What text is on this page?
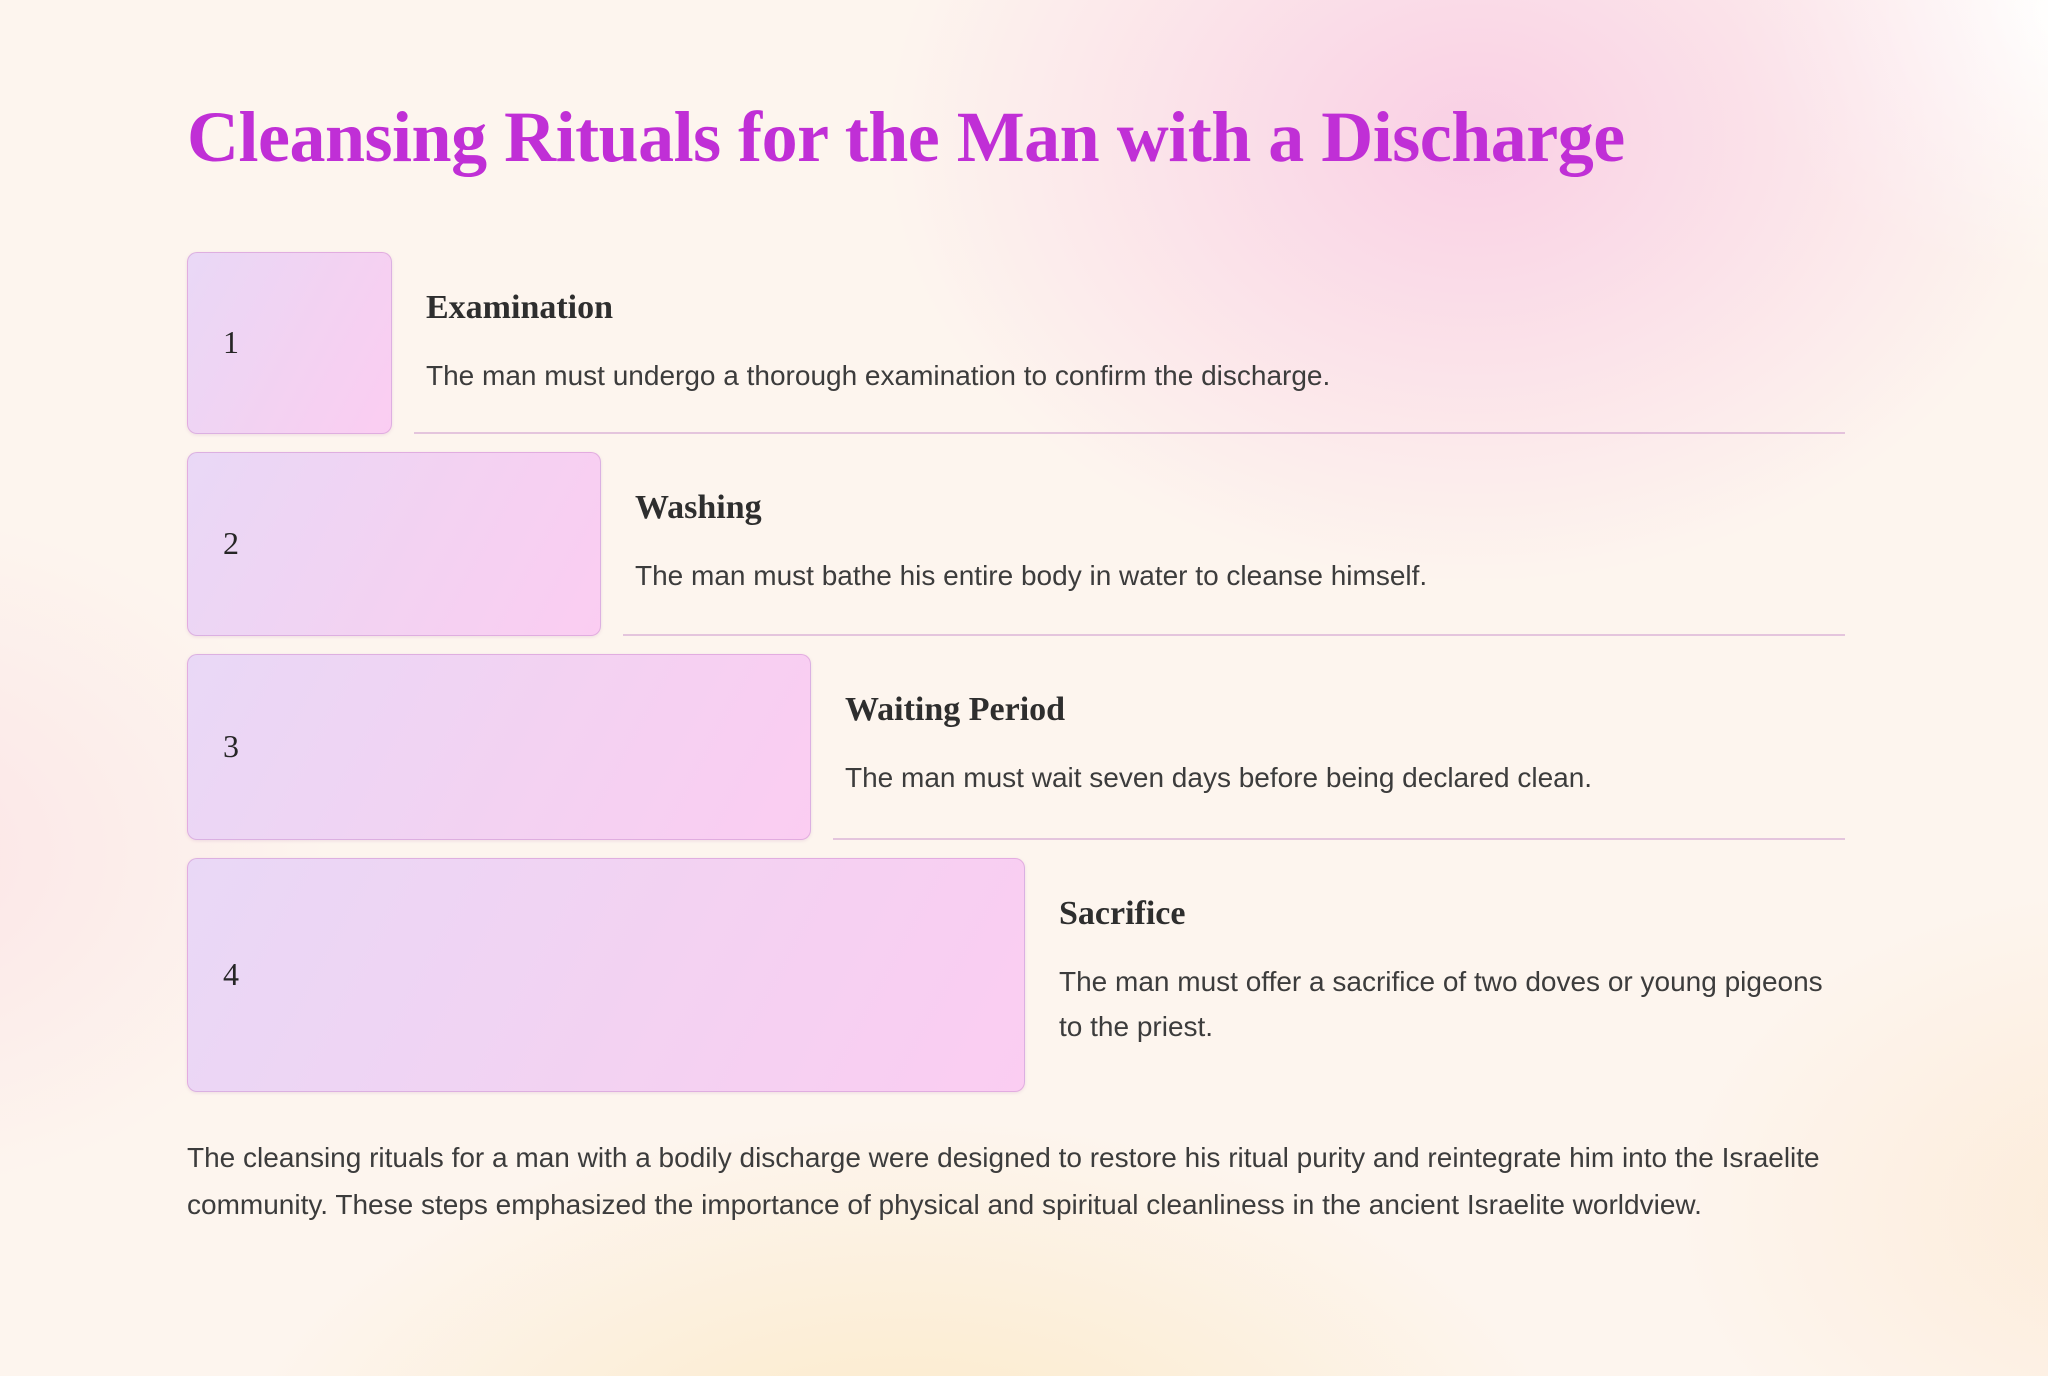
Cleansing Rituals for the Man with a Discharge
1
Examination

The man must undergo a thorough examination to confirm the discharge.

2
Washing

The man must bathe his entire body in water to cleanse himself.

3
Waiting Period

The man must wait seven days before being declared clean.

4
Sacrifice

The man must offer a sacrifice of two doves or young pigeons to the priest.

The cleansing rituals for a man with a bodily discharge were designed to restore his ritual purity and reintegrate him into the Israelite community. These steps emphasized the importance of physical and spiritual cleanliness in the ancient Israelite worldview.
